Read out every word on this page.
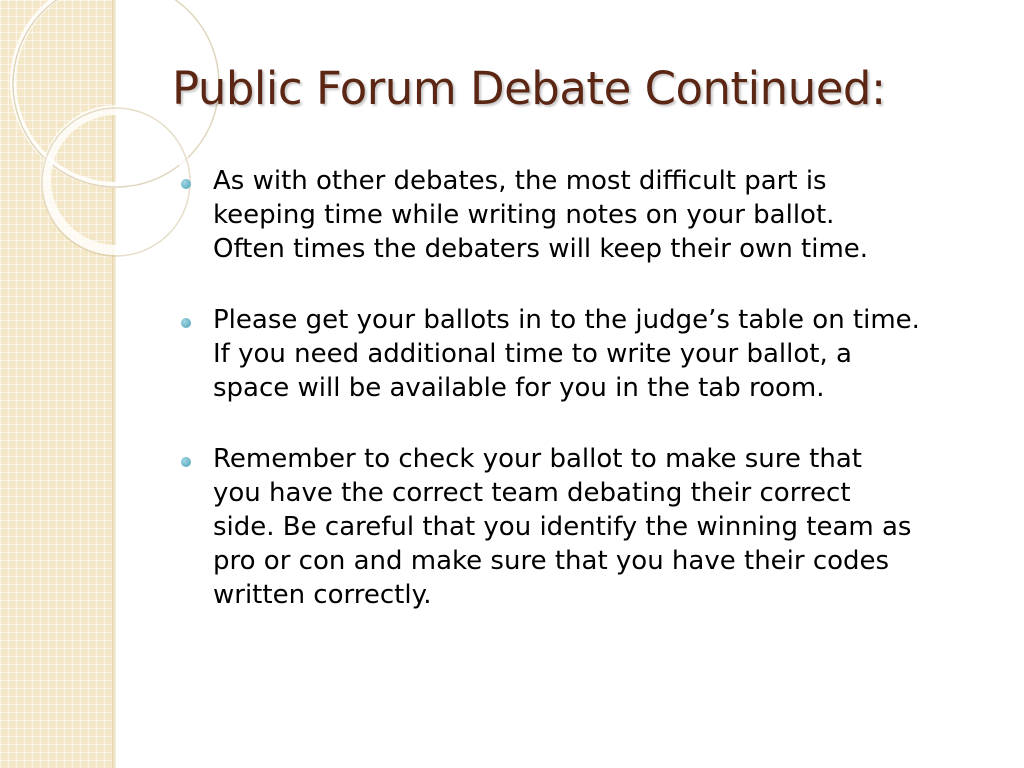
Public Forum Debate Continued:
As with other debates, the most difficult part is
keeping time while writing notes on your ballot.
Often times the debaters will keep their own time.
Please get your ballots in to the judge’s table on time.
If you need additional time to write your ballot, a
space will be available for you in the tab room.
Remember to check your ballot to make sure that
you have the correct team debating their correct
side. Be careful that you identify the winning team as
pro or con and make sure that you have their codes
written correctly.
